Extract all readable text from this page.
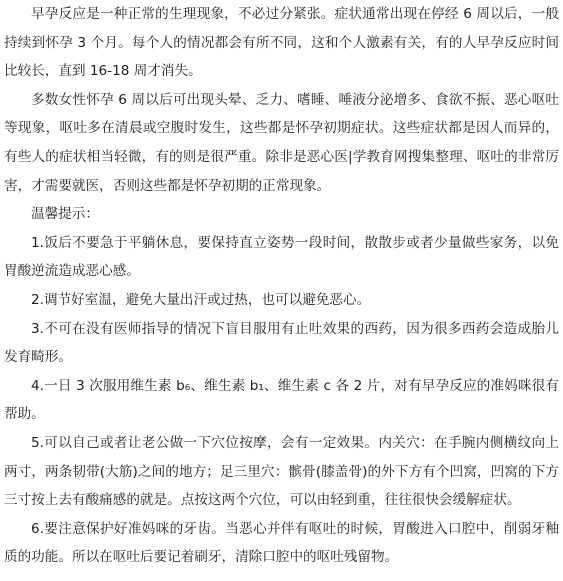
早孕反应是一种正常的生理现象，不必过分紧张。症状通常出现在停经 6 周以后，一般持续到怀孕 3 个月。每个人的情况都会有所不同，这和个人激素有关，有的人早孕反应时间比较长，直到 16-18 周才消失。

多数女性怀孕 6 周以后可出现头晕、乏力、嗜睡、唾液分泌增多、食欲不振、恶心呕吐等现象，呕吐多在清晨或空腹时发生，这些都是怀孕初期症状。这些症状都是因人而异的，有些人的症状相当轻微，有的则是很严重。除非是恶心医|学教育网搜集整理、呕吐的非常厉害，才需要就医，否则这些都是怀孕初期的正常现象。

温馨提示：

1.饭后不要急于平躺休息，要保持直立姿势一段时间，散散步或者少量做些家务，以免胃酸逆流造成恶心感。

2.调节好室温，避免大量出汗或过热，也可以避免恶心。

3.不可在没有医师指导的情况下盲目服用有止吐效果的西药，因为很多西药会造成胎儿发育畸形。

4.一日 3 次服用维生素 b₆、维生素 b₁、维生素 c 各 2 片，对有早孕反应的准妈咪很有帮助。

5.可以自己或者让老公做一下穴位按摩，会有一定效果。内关穴：在手腕内侧横纹向上两寸，两条韧带(大筋)之间的地方；足三里穴：髌骨(膝盖骨)的外下方有个凹窝，凹窝的下方三寸按上去有酸痛感的就是。点按这两个穴位，可以由轻到重，往往很快会缓解症状。

6.要注意保护好准妈咪的牙齿。当恶心并伴有呕吐的时候，胃酸进入口腔中，削弱牙釉质的功能。所以在呕吐后要记着刷牙，清除口腔中的呕吐残留物。
